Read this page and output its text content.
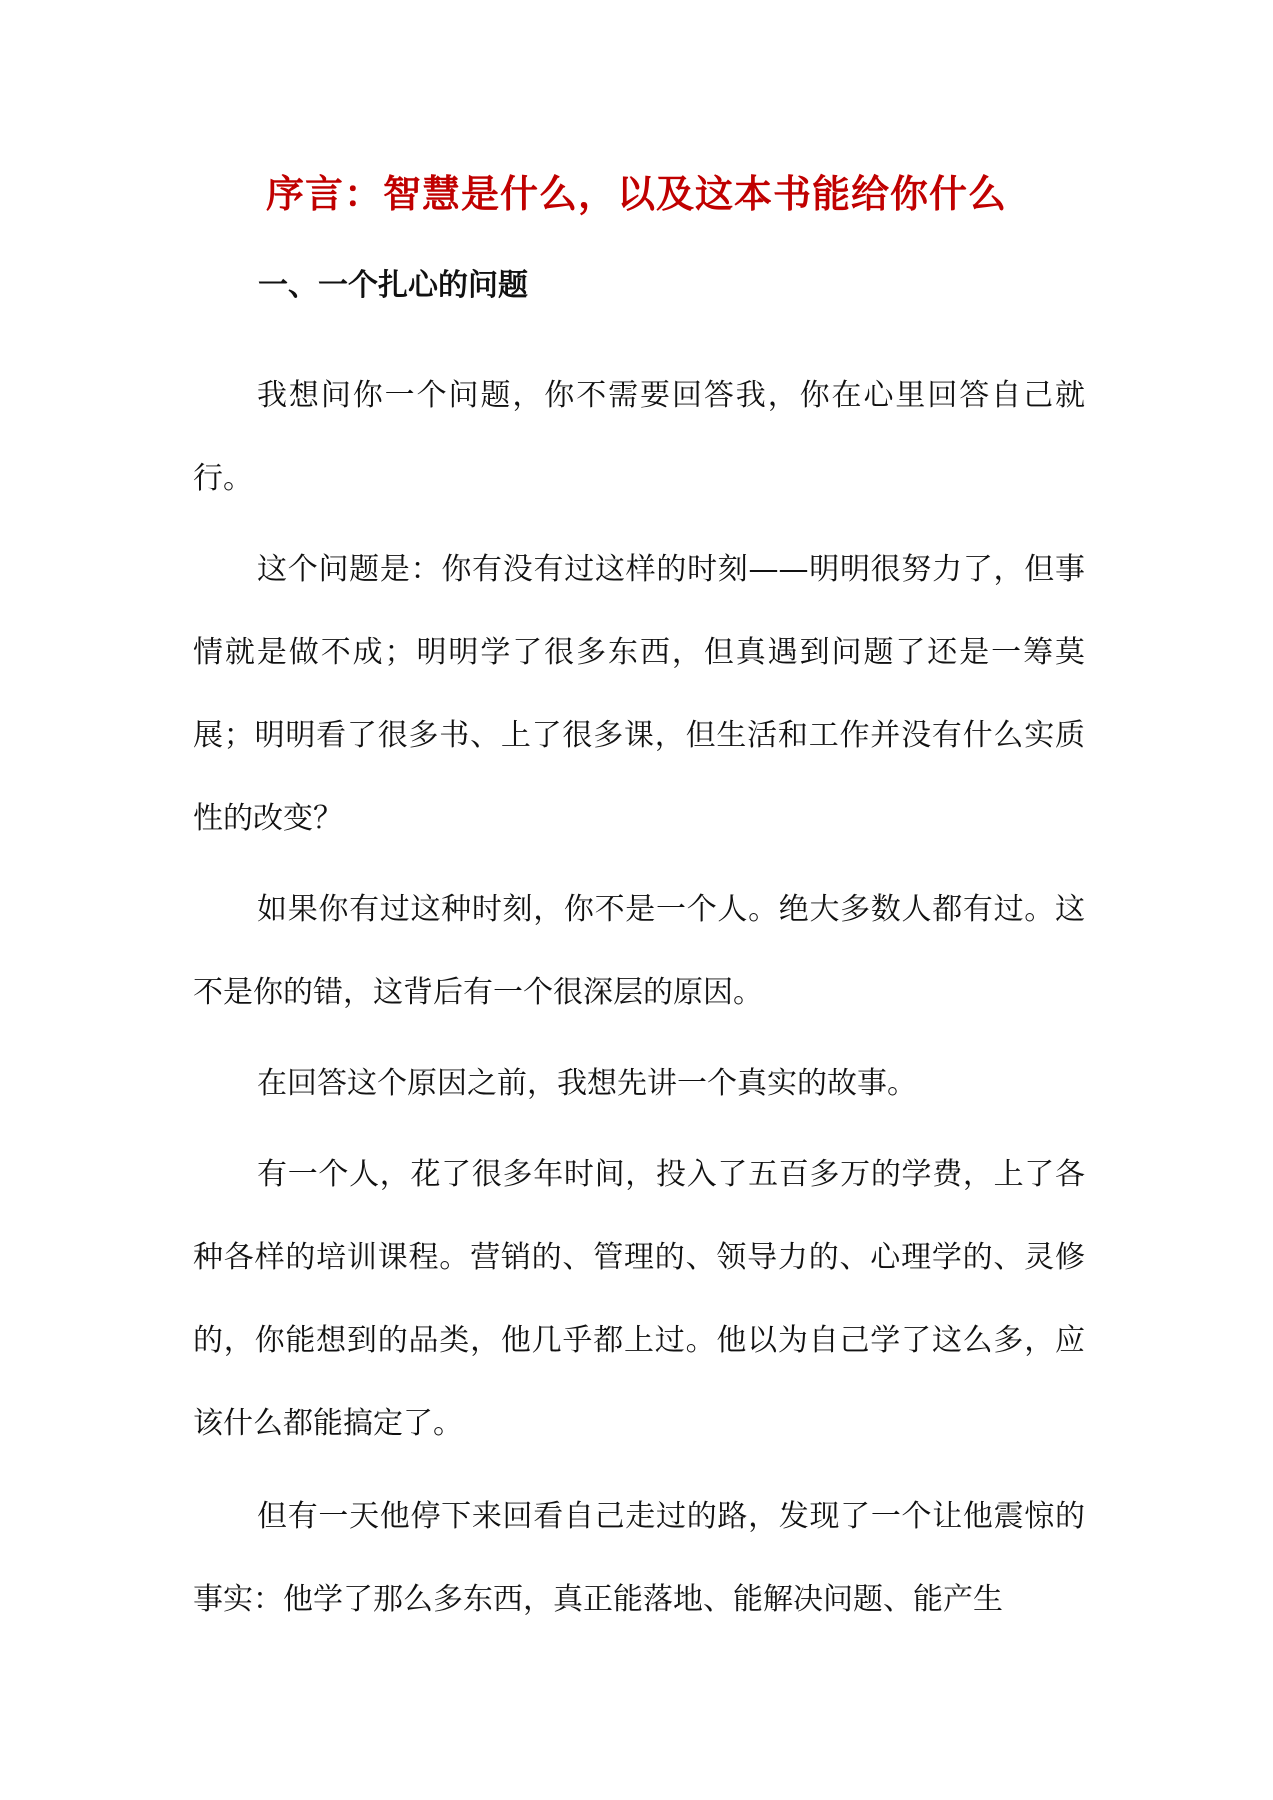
序言：智慧是什么，以及这本书能给你什么
一、一个扎心的问题

我想问你一个问题，你不需要回答我，你在心里回答自己就行。

这个问题是：你有没有过这样的时刻——明明很努力了，但事情就是做不成；明明学了很多东西，但真遇到问题了还是一筹莫展；明明看了很多书、上了很多课，但生活和工作并没有什么实质性的改变？

如果你有过这种时刻，你不是一个人。绝大多数人都有过。这不是你的错，这背后有一个很深层的原因。

在回答这个原因之前，我想先讲一个真实的故事。

有一个人，花了很多年时间，投入了五百多万的学费，上了各种各样的培训课程。营销的、管理的、领导力的、心理学的、灵修的，你能想到的品类，他几乎都上过。他以为自己学了这么多，应该什么都能搞定了。

但有一天他停下来回看自己走过的路，发现了一个让他震惊的事实：他学了那么多东西，真正能落地、能解决问题、能产生
